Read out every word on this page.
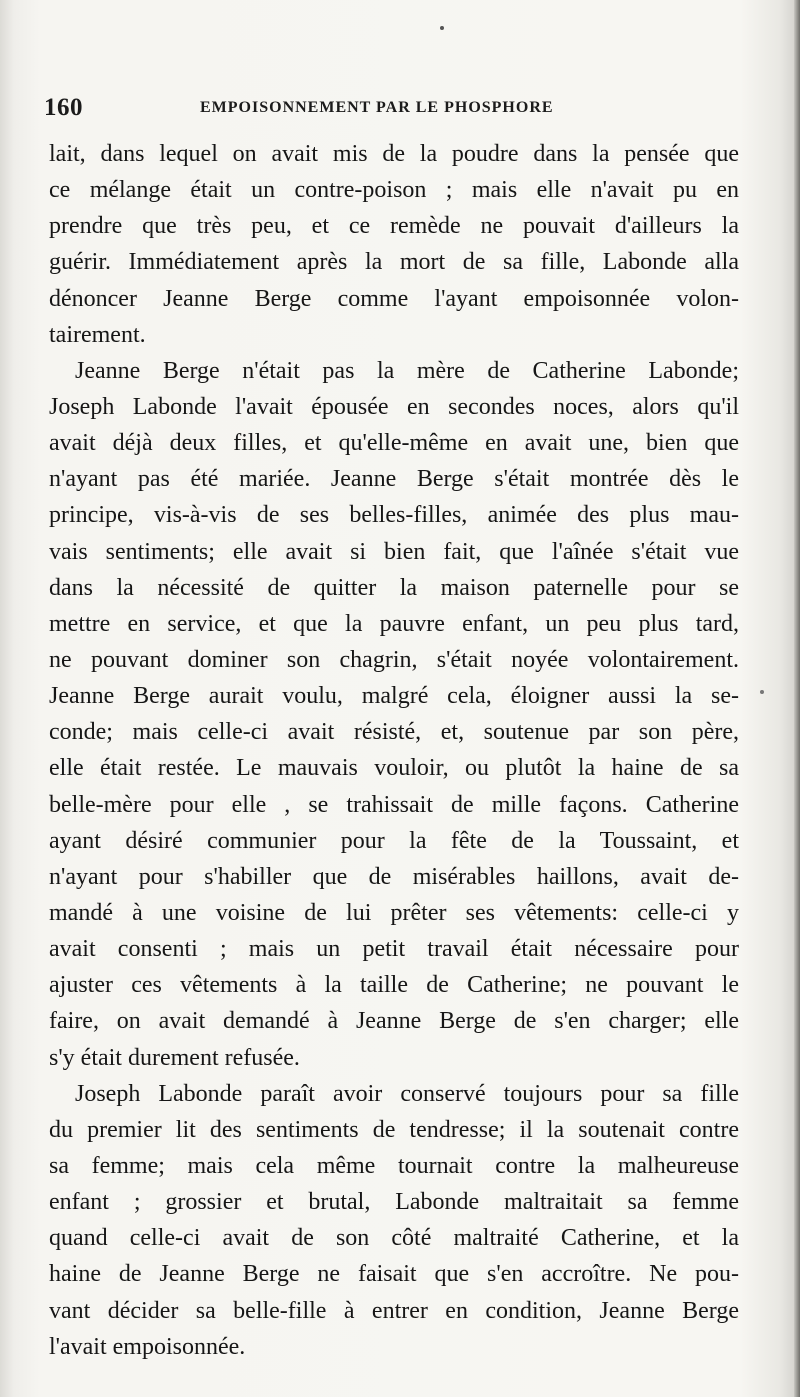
160	EMPOISONNEMENT PAR LE PHOSPHORE
lait, dans lequel on avait mis de la poudre dans la pensée que
ce mélange était un contre-poison ; mais elle n'avait pu en
prendre que très peu, et ce remède ne pouvait d'ailleurs la
guérir. Immédiatement après la mort de sa fille, Labonde alla
dénoncer Jeanne Berge comme l'ayant empoisonnée volon-
tairement.
Jeanne Berge n'était pas la mère de Catherine Labonde;
Joseph Labonde l'avait épousée en secondes noces, alors qu'il
avait déjà deux filles, et qu'elle-même en avait une, bien que
n'ayant pas été mariée. Jeanne Berge s'était montrée dès le
principe, vis-à-vis de ses belles-filles, animée des plus mau-
vais sentiments; elle avait si bien fait, que l'aînée s'était vue
dans la nécessité de quitter la maison paternelle pour se
mettre en service, et que la pauvre enfant, un peu plus tard,
ne pouvant dominer son chagrin, s'était noyée volontairement.
Jeanne Berge aurait voulu, malgré cela, éloigner aussi la se-
conde; mais celle-ci avait résisté, et, soutenue par son père,
elle était restée. Le mauvais vouloir, ou plutôt la haine de sa
belle-mère pour elle , se trahissait de mille façons. Catherine
ayant désiré communier pour la fête de la Toussaint, et
n'ayant pour s'habiller que de misérables haillons, avait de-
mandé à une voisine de lui prêter ses vêtements: celle-ci y
avait consenti ; mais un petit travail était nécessaire pour
ajuster ces vêtements à la taille de Catherine; ne pouvant le
faire, on avait demandé à Jeanne Berge de s'en charger; elle
s'y était durement refusée.
Joseph Labonde paraît avoir conservé toujours pour sa fille
du premier lit des sentiments de tendresse; il la soutenait contre
sa femme; mais cela même tournait contre la malheureuse
enfant ; grossier et brutal, Labonde maltraitait sa femme
quand celle-ci avait de son côté maltraité Catherine, et la
haine de Jeanne Berge ne faisait que s'en accroître. Ne pou-
vant décider sa belle-fille à entrer en condition, Jeanne Berge
l'avait empoisonnée.
